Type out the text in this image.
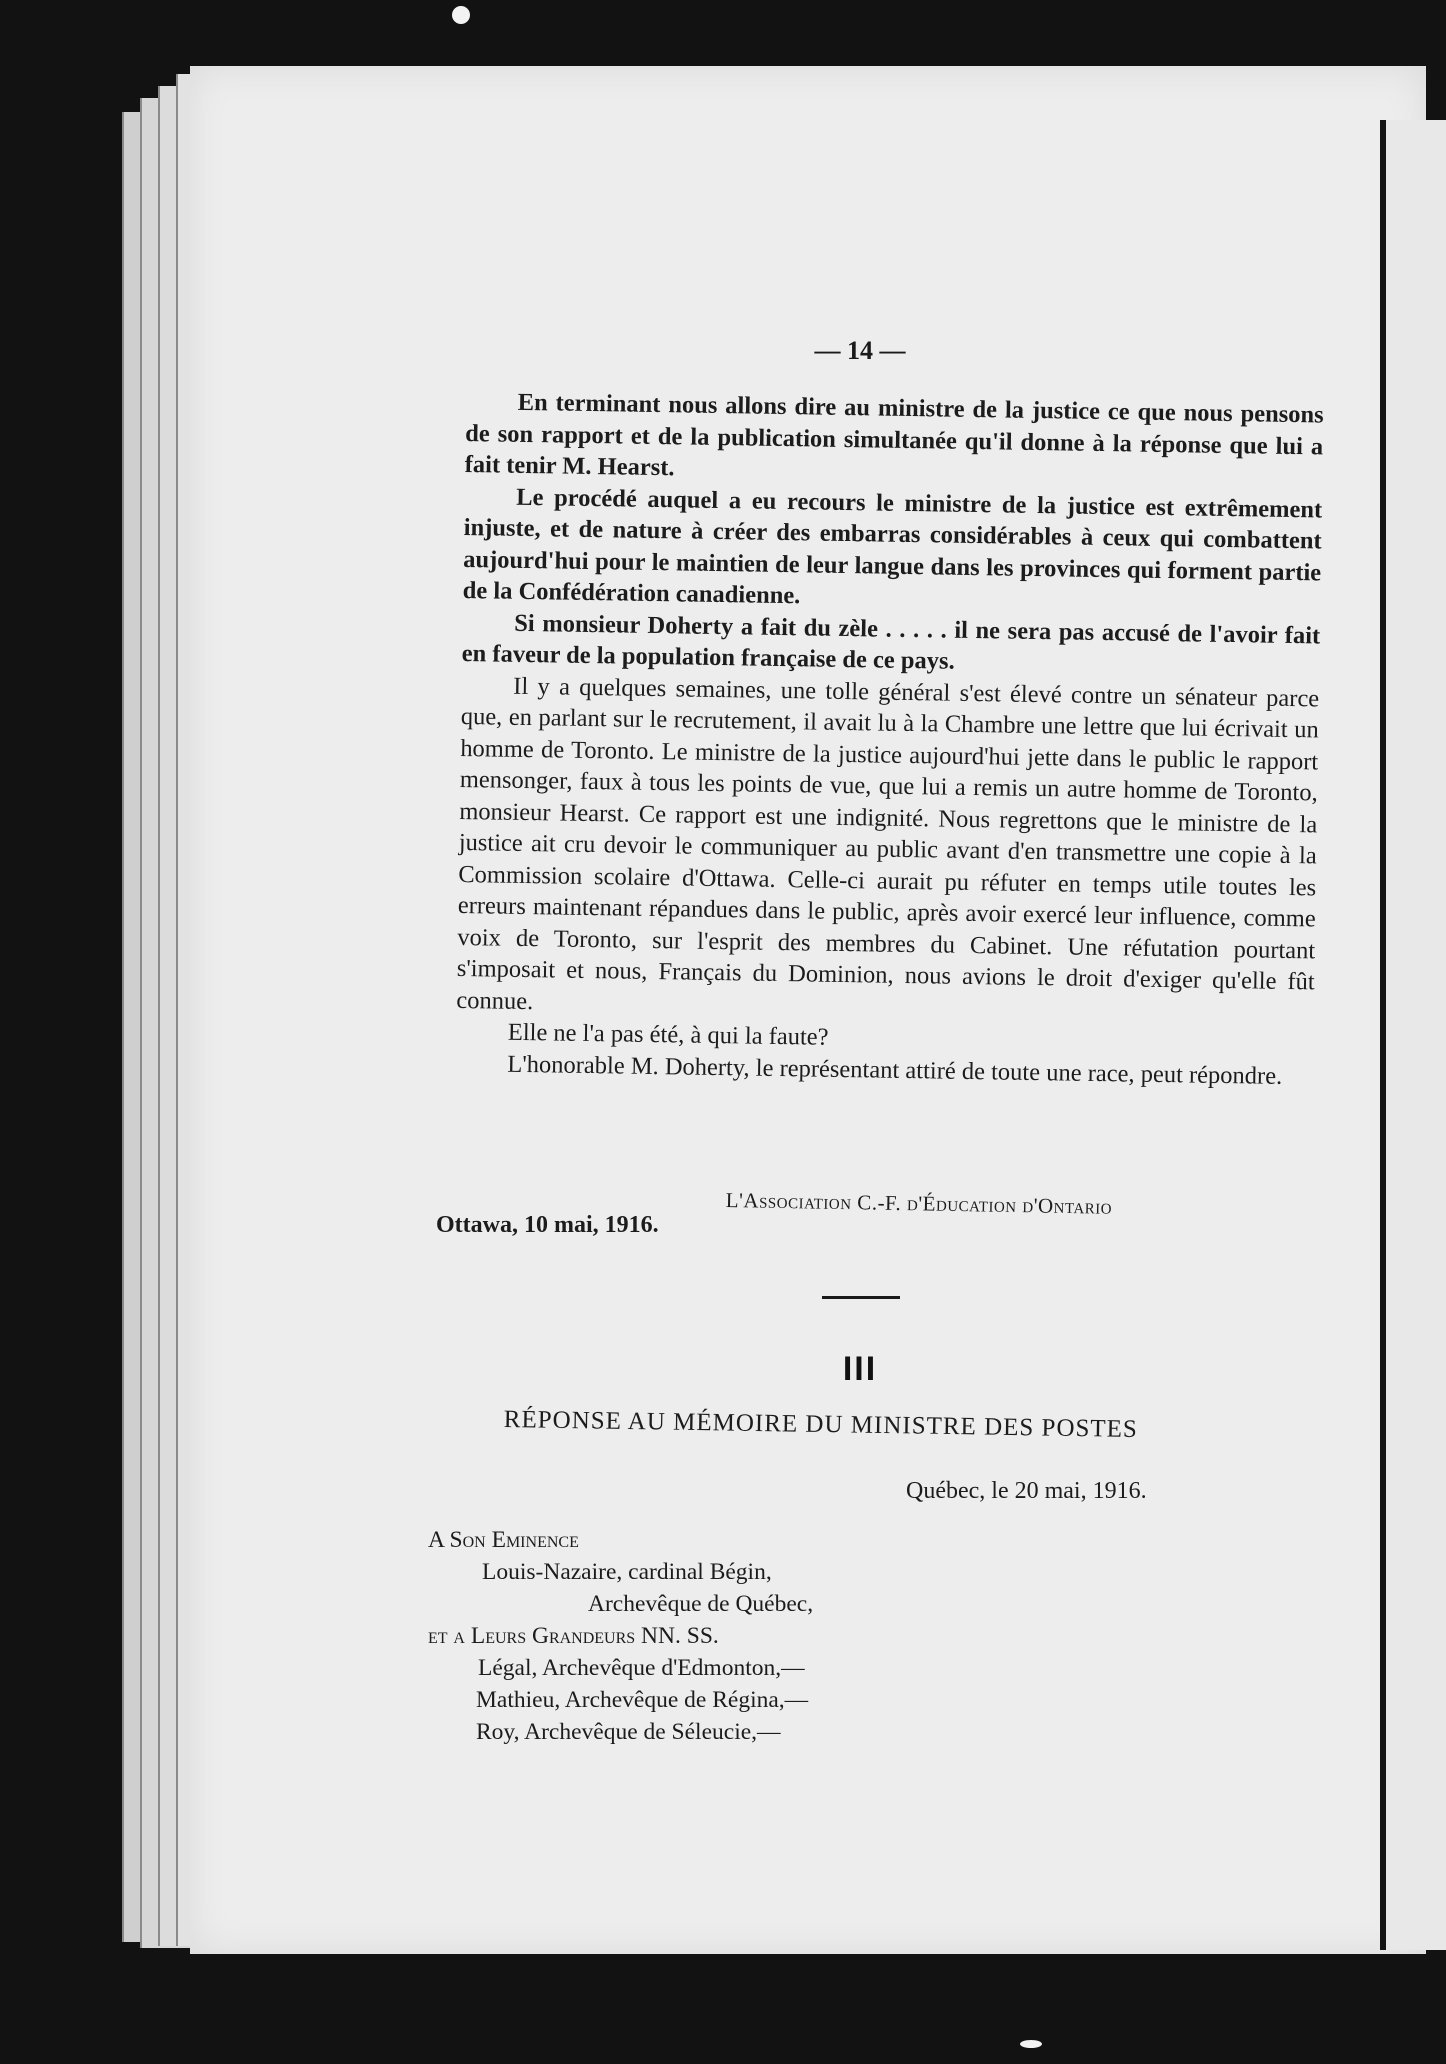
— 14 —

En terminant nous allons dire au ministre de la justice ce que nous pensons de son rapport et de la publication simultanée qu'il donne à la réponse que lui a fait tenir M. Hearst.

Le procédé auquel a eu recours le ministre de la justice est extrêmement injuste, et de nature à créer des embarras considérables à ceux qui combattent aujourd'hui pour le maintien de leur langue dans les provinces qui forment partie de la Confédération canadienne.

Si monsieur Doherty a fait du zèle . . . . . il ne sera pas accusé de l'avoir fait en faveur de la population française de ce pays.

Il y a quelques semaines, une tolle général s'est élevé contre un sénateur parce que, en parlant sur le recrutement, il avait lu à la Chambre une lettre que lui écrivait un homme de Toronto. Le ministre de la justice aujourd'hui jette dans le public le rapport mensonger, faux à tous les points de vue, que lui a remis un autre homme de Toronto, monsieur Hearst. Ce rapport est une indignité. Nous regrettons que le ministre de la justice ait cru devoir le communiquer au public avant d'en transmettre une copie à la Commission scolaire d'Ottawa. Celle-ci aurait pu réfuter en temps utile toutes les erreurs maintenant répandues dans le public, après avoir exercé leur influence, comme voix de Toronto, sur l'esprit des membres du Cabinet. Une réfutation pourtant s'imposait et nous, Français du Dominion, nous avions le droit d'exiger qu'elle fût connue.

Elle ne l'a pas été, à qui la faute?

L'honorable M. Doherty, le représentant attiré de toute une race, peut répondre.

L'Association C.-F. d'Éducation d'Ontario
Ottawa, 10 mai, 1916.
III
RÉPONSE AU MÉMOIRE DU MINISTRE DES POSTES
Québec, le 20 mai, 1916.
A Son Eminence
Louis-Nazaire, cardinal Bégin,
Archevêque de Québec,
et a Leurs Grandeurs NN. SS.
Légal, Archevêque d'Edmonton,—
Mathieu, Archevêque de Régina,—
Roy, Archevêque de Séleucie,—
